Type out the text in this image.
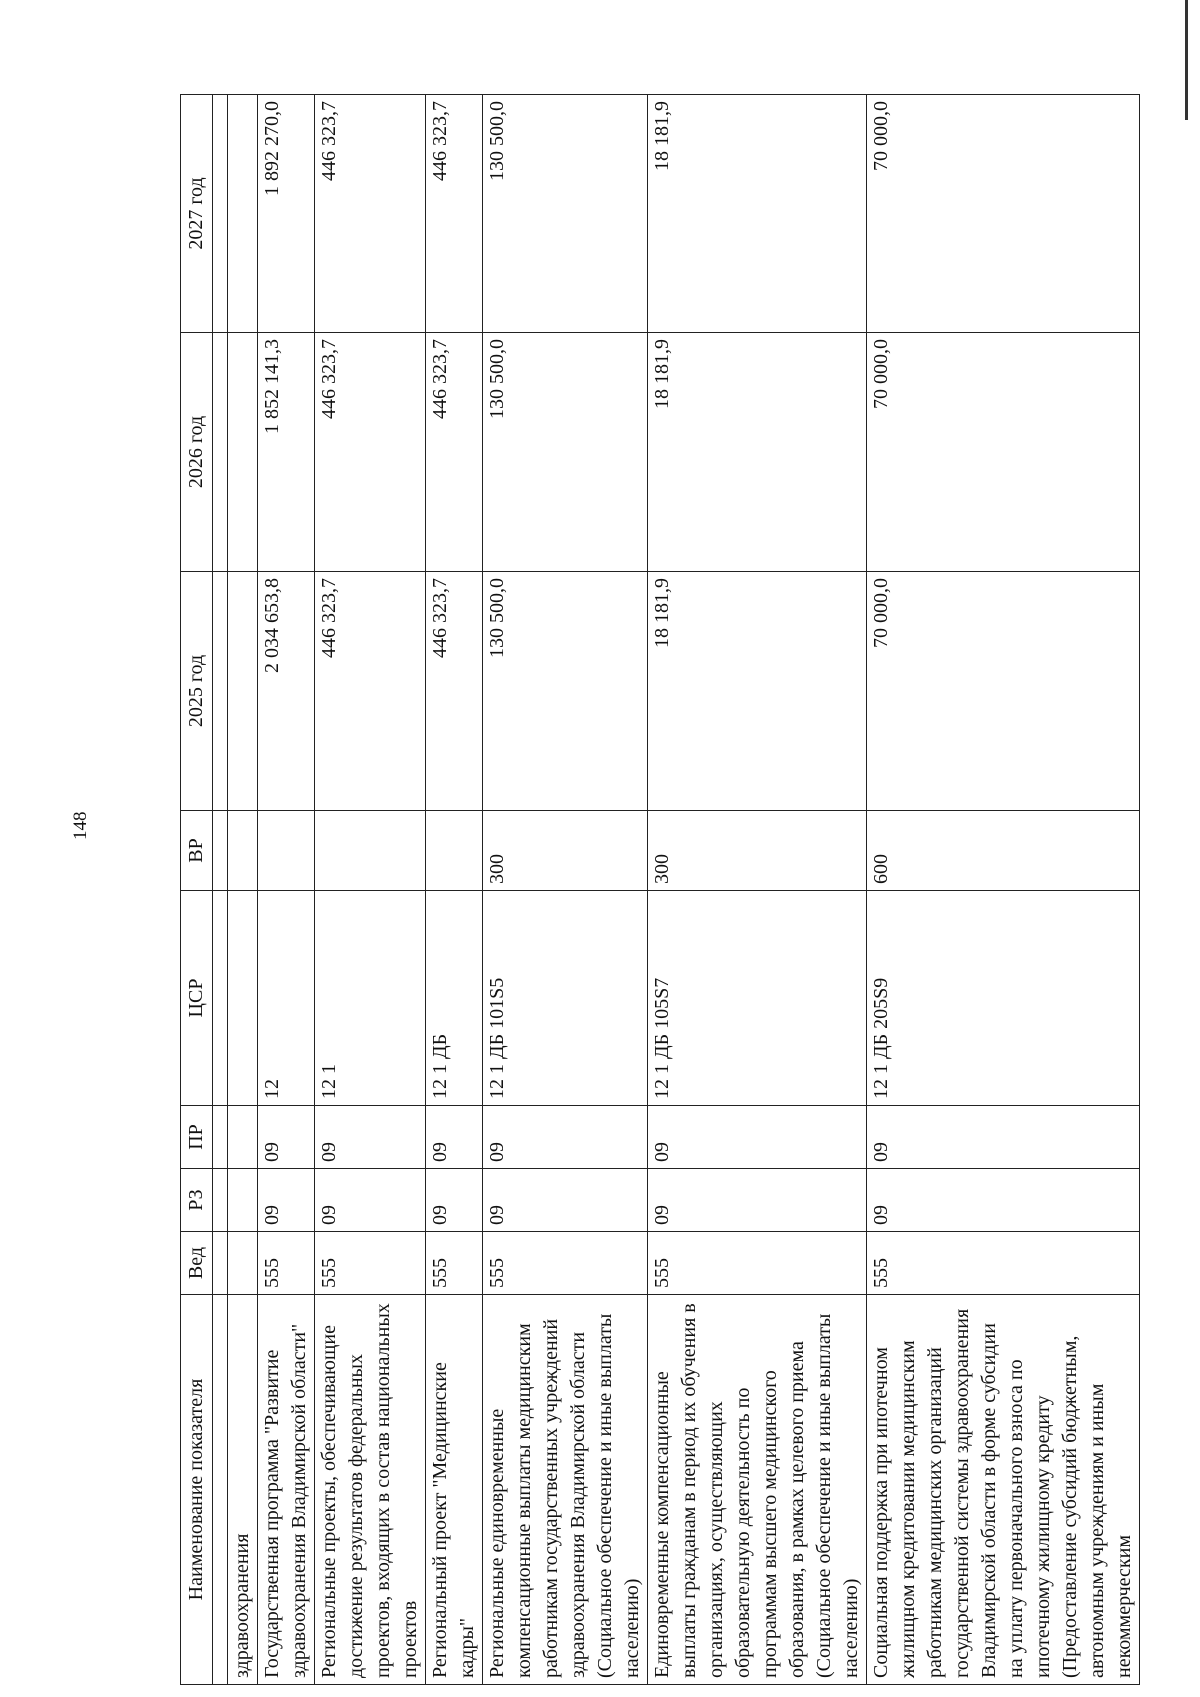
148
Наименование показателя	Вед	РЗ	ПР	ЦСР	ВР	2025 год	2026 год	2027 год

здравоохранения								
Государственная программа "Развитие здравоохранения Владимирской области"	555	09	09	12		2 034 653,8	1 852 141,3	1 892 270,0
Региональные проекты, обеспечивающие достижение результатов федеральных проектов, входящих в состав национальных проектов	555	09	09	12 1		446 323,7	446 323,7	446 323,7
Региональный проект "Медицинские кадры"	555	09	09	12 1 ДБ		446 323,7	446 323,7	446 323,7
Региональные единовременные компенсационные выплаты медицинским работникам государственных учреждений здравоохранения Владимирской области (Социальное обеспечение и иные выплаты населению)	555	09	09	12 1 ДБ 101S5	300	130 500,0	130 500,0	130 500,0
Единовременные компенсационные выплаты гражданам в период их обучения в организациях, осуществляющих образовательную деятельность по программам высшего медицинского образования, в рамках целевого приема (Социальное обеспечение и иные выплаты населению)	555	09	09	12 1 ДБ 105S7	300	18 181,9	18 181,9	18 181,9
Социальная поддержка при ипотечном жилищном кредитовании медицинским работникам медицинских организаций государственной системы здравоохранения Владимирской области в форме субсидии на уплату первоначального взноса по ипотечному жилищному кредиту (Предоставление субсидий бюджетным, автономным учреждениям и иным некоммерческим	555	09	09	12 1 ДБ 205S9	600	70 000,0	70 000,0	70 000,0
